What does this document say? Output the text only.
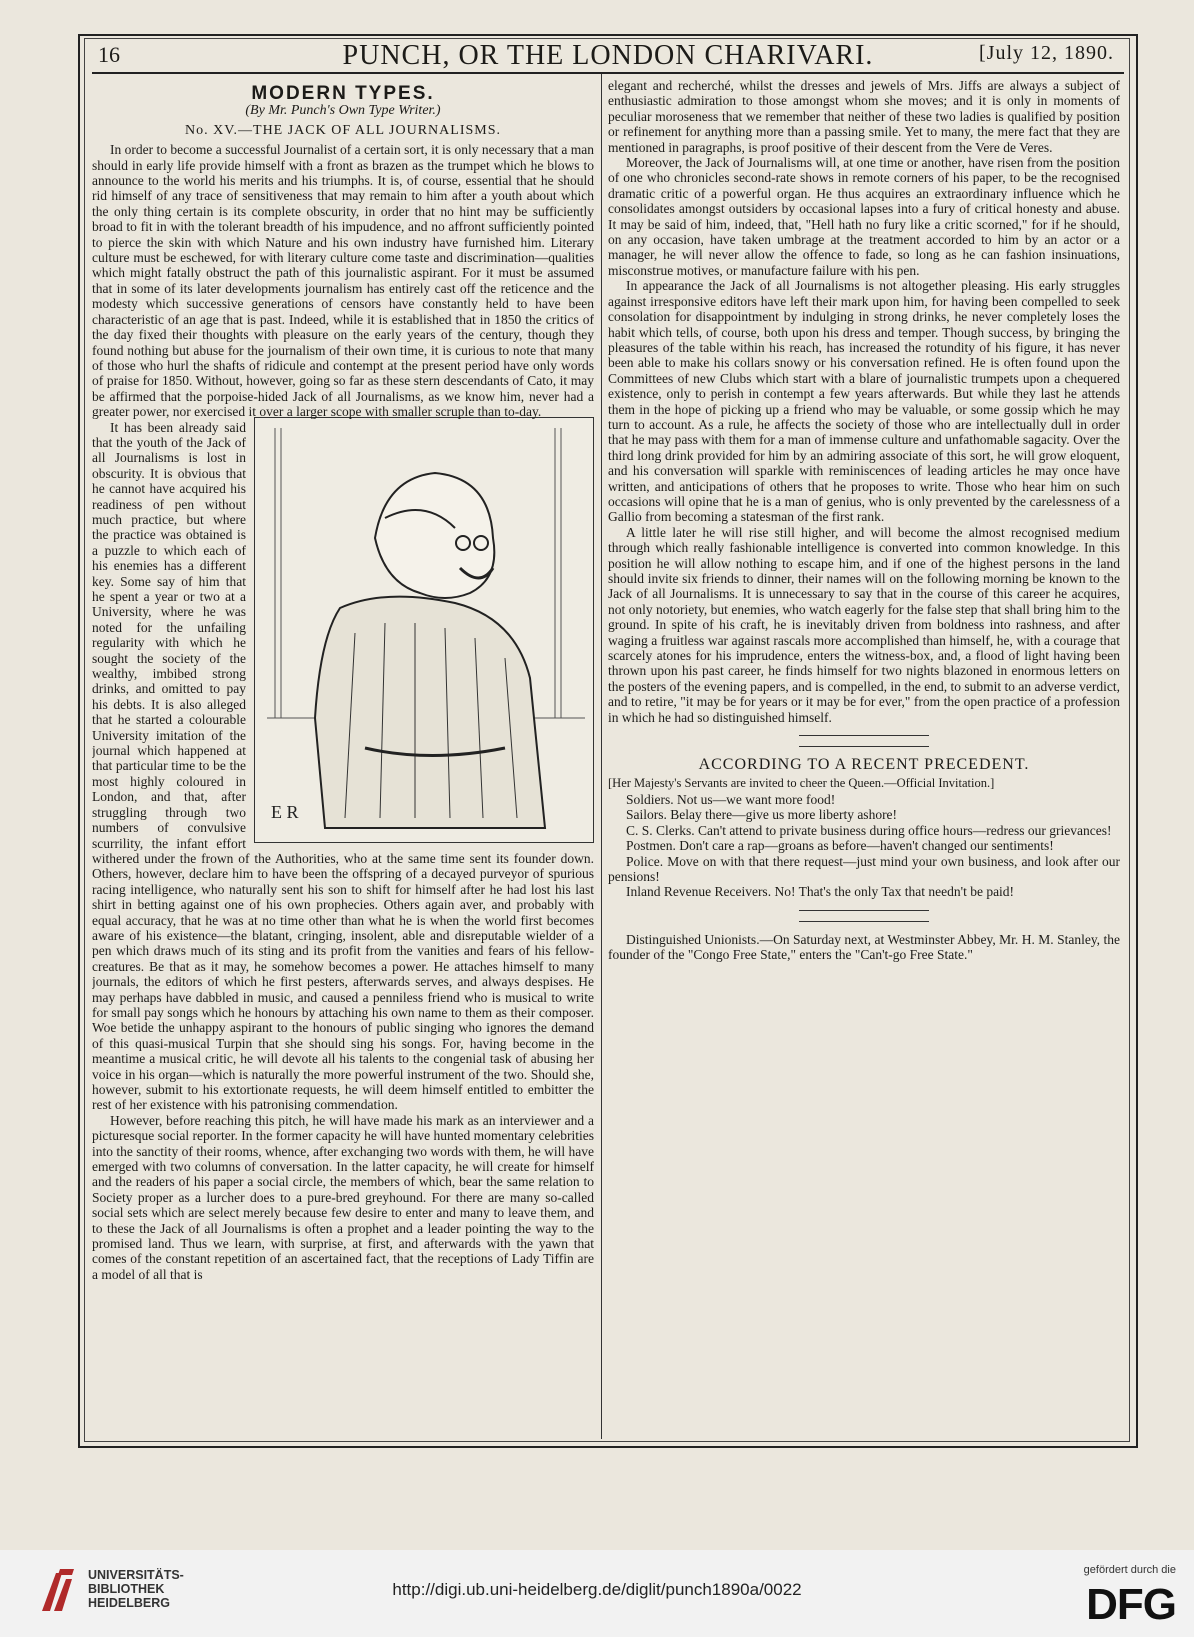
16	PUNCH, OR THE LONDON CHARIVARI.	[July 12, 1890.
MODERN TYPES.
(By Mr. Punch's Own Type Writer.)
No. XV.—THE JACK OF ALL JOURNALISMS.

In order to become a successful Journalist of a certain sort, it is only necessary that a man should in early life provide himself with a front as brazen as the trumpet which he blows to announce to the world his merits and his triumphs. It is, of course, essential that he should rid himself of any trace of sensitiveness that may remain to him after a youth about which the only thing certain is its complete obscurity, in order that no hint may be sufficiently broad to fit in with the tolerant breadth of his impudence, and no affront sufficiently pointed to pierce the skin with which Nature and his own industry have furnished him. Literary culture must be eschewed, for with literary culture come taste and discrimination—qualities which might fatally obstruct the path of this journalistic aspirant. For it must be assumed that in some of its later developments journalism has entirely cast off the reticence and the modesty which successive generations of censors have constantly held to have been characteristic of an age that is past. Indeed, while it is established that in 1850 the critics of the day fixed their thoughts with pleasure on the early years of the century, though they found nothing but abuse for the journalism of their own time, it is curious to note that many of those who hurl the shafts of ridicule and contempt at the present period have only words of praise for 1850. Without, however, going so far as these stern descendants of Cato, it may be affirmed that the porpoise-hided Jack of all Journalisms, as we know him, never had a greater power, nor exercised it over a larger scope with smaller scruple than to-day.

E R

It has been already said that the youth of the Jack of all Journalisms is lost in obscurity. It is obvious that he cannot have acquired his readiness of pen without much practice, but where the practice was obtained is a puzzle to which each of his enemies has a different key. Some say of him that he spent a year or two at a University, where he was noted for the unfailing regularity with which he sought the society of the wealthy, imbibed strong drinks, and omitted to pay his debts. It is also alleged that he started a colourable University imitation of the journal which happened at that particular time to be the most highly coloured in London, and that, after struggling through two numbers of convulsive scurrility, the infant effort withered under the frown of the Authorities, who at the same time sent its founder down. Others, however, declare him to have been the offspring of a decayed purveyor of spurious racing intelligence, who naturally sent his son to shift for himself after he had lost his last shirt in betting against one of his own prophecies. Others again aver, and probably with equal accuracy, that he was at no time other than what he is when the world first becomes aware of his existence—the blatant, cringing, insolent, able and disreputable wielder of a pen which draws much of its sting and its profit from the vanities and fears of his fellow-creatures. Be that as it may, he somehow becomes a power. He attaches himself to many journals, the editors of which he first pesters, afterwards serves, and always despises. He may perhaps have dabbled in music, and caused a penniless friend who is musical to write for small pay songs which he honours by attaching his own name to them as their composer. Woe betide the unhappy aspirant to the honours of public singing who ignores the demand of this quasi-musical Turpin that she should sing his songs. For, having become in the meantime a musical critic, he will devote all his talents to the congenial task of abusing her voice in his organ—which is naturally the more powerful instrument of the two. Should she, however, submit to his extortionate requests, he will deem himself entitled to embitter the rest of her existence with his patronising commendation.

However, before reaching this pitch, he will have made his mark as an interviewer and a picturesque social reporter. In the former capacity he will have hunted momentary celebrities into the sanctity of their rooms, whence, after exchanging two words with them, he will have emerged with two columns of conversation. In the latter capacity, he will create for himself and the readers of his paper a social circle, the members of which, bear the same relation to Society proper as a lurcher does to a pure-bred greyhound. For there are many so-called social sets which are select merely because few desire to enter and many to leave them, and to these the Jack of all Journalisms is often a prophet and a leader pointing the way to the promised land. Thus we learn, with surprise, at first, and afterwards with the yawn that comes of the constant repetition of an ascertained fact, that the receptions of Lady Tiffin are a model of all that is

elegant and recherché, whilst the dresses and jewels of Mrs. Jiffs are always a subject of enthusiastic admiration to those amongst whom she moves; and it is only in moments of peculiar moroseness that we remember that neither of these two ladies is qualified by position or refinement for anything more than a passing smile. Yet to many, the mere fact that they are mentioned in paragraphs, is proof positive of their descent from the Vere de Veres.

Moreover, the Jack of Journalisms will, at one time or another, have risen from the position of one who chronicles second-rate shows in remote corners of his paper, to be the recognised dramatic critic of a powerful organ. He thus acquires an extraordinary influence which he consolidates amongst outsiders by occasional lapses into a fury of critical honesty and abuse. It may be said of him, indeed, that, "Hell hath no fury like a critic scorned," for if he should, on any occasion, have taken umbrage at the treatment accorded to him by an actor or a manager, he will never allow the offence to fade, so long as he can fashion insinuations, misconstrue motives, or manufacture failure with his pen.

In appearance the Jack of all Journalisms is not altogether pleasing. His early struggles against irresponsive editors have left their mark upon him, for having been compelled to seek consolation for disappointment by indulging in strong drinks, he never completely loses the habit which tells, of course, both upon his dress and temper. Though success, by bringing the pleasures of the table within his reach, has increased the rotundity of his figure, it has never been able to make his collars snowy or his conversation refined. He is often found upon the Committees of new Clubs which start with a blare of journalistic trumpets upon a chequered existence, only to perish in contempt a few years afterwards. But while they last he attends them in the hope of picking up a friend who may be valuable, or some gossip which he may turn to account. As a rule, he affects the society of those who are intellectually dull in order that he may pass with them for a man of immense culture and unfathomable sagacity. Over the third long drink provided for him by an admiring associate of this sort, he will grow eloquent, and his conversation will sparkle with reminiscences of leading articles he may once have written, and anticipations of others that he proposes to write. Those who hear him on such occasions will opine that he is a man of genius, who is only prevented by the carelessness of a Gallio from becoming a statesman of the first rank.

A little later he will rise still higher, and will become the almost recognised medium through which really fashionable intelligence is converted into common knowledge. In this position he will allow nothing to escape him, and if one of the highest persons in the land should invite six friends to dinner, their names will on the following morning be known to the Jack of all Journalisms. It is unnecessary to say that in the course of this career he acquires, not only notoriety, but enemies, who watch eagerly for the false step that shall bring him to the ground. In spite of his craft, he is inevitably driven from boldness into rashness, and after waging a fruitless war against rascals more accomplished than himself, he, with a courage that scarcely atones for his imprudence, enters the witness-box, and, a flood of light having been thrown upon his past career, he finds himself for two nights blazoned in enormous letters on the posters of the evening papers, and is compelled, in the end, to submit to an adverse verdict, and to retire, "it may be for years or it may be for ever," from the open practice of a profession in which he had so distinguished himself.

ACCORDING TO A RECENT PRECEDENT.

[Her Majesty's Servants are invited to cheer the Queen.—Official Invitation.]

Soldiers. Not us—we want more food!

Sailors. Belay there—give us more liberty ashore!

C. S. Clerks. Can't attend to private business during office hours—redress our grievances!

Postmen. Don't care a rap—groans as before—haven't changed our sentiments!

Police. Move on with that there request—just mind your own business, and look after our pensions!

Inland Revenue Receivers. No! That's the only Tax that needn't be paid!

Distinguished Unionists.—On Saturday next, at Westminster Abbey, Mr. H. M. Stanley, the founder of the "Congo Free State," enters the "Can't-go Free State."

UNIVERSITÄTS-
BIBLIOTHEK
HEIDELBERG
http://digi.ub.uni-heidelberg.de/diglit/punch1890a/0022
gefördert durch die
DFG
